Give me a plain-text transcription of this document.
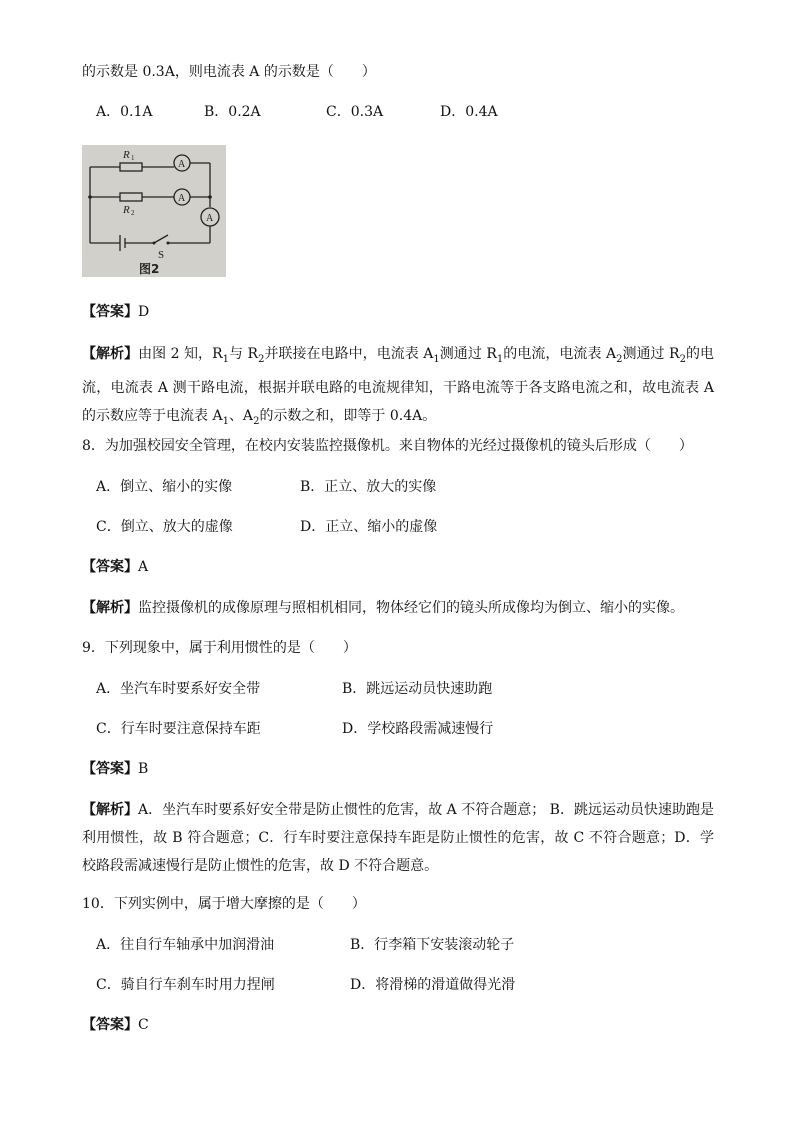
的示数是 0.3A，则电流表 A 的示数是（　　）
A．0.1A	B．0.2A	C．0.3A	D．0.4A
R 1
R 2
A
A
A
S
图2
【答案】D
【解析】由图 2 知，$R_1$与 $R_2$并联接在电路中，电流表 $A_1$测通过 $R_1$的电流，电流表 $A_2$测通过 $R_2$的电流，电流表 A 测干路电流，根据并联电路的电流规律知，干路电流等于各支路电流之和，故电流表 A 的示数应等于电流表 $A_1$、$A_2$的示数之和，即等于 0.4A。
8．为加强校园安全管理，在校内安装监控摄像机。来自物体的光经过摄像机的镜头后形成（　　）
A．倒立、缩小的实像	B．正立、放大的实像
C．倒立、放大的虚像	D．正立、缩小的虚像
【答案】A
【解析】监控摄像机的成像原理与照相机相同，物体经它们的镜头所成像均为倒立、缩小的实像。
9．下列现象中，属于利用惯性的是（　　）
A．坐汽车时要系好安全带	B．跳远运动员快速助跑
C．行车时要注意保持车距	D．学校路段需减速慢行
【答案】B
【解析】A．坐汽车时要系好安全带是防止惯性的危害，故 A 不符合题意； B．跳远运动员快速助跑是利用惯性，故 B 符合题意；C．行车时要注意保持车距是防止惯性的危害，故 C 不符合题意；D．学校路段需减速慢行是防止惯性的危害，故 D 不符合题意。
10．下列实例中，属于增大摩擦的是（　　）
A．往自行车轴承中加润滑油	B．行李箱下安装滚动轮子
C．骑自行车刹车时用力捏闸	D．将滑梯的滑道做得光滑
【答案】C
